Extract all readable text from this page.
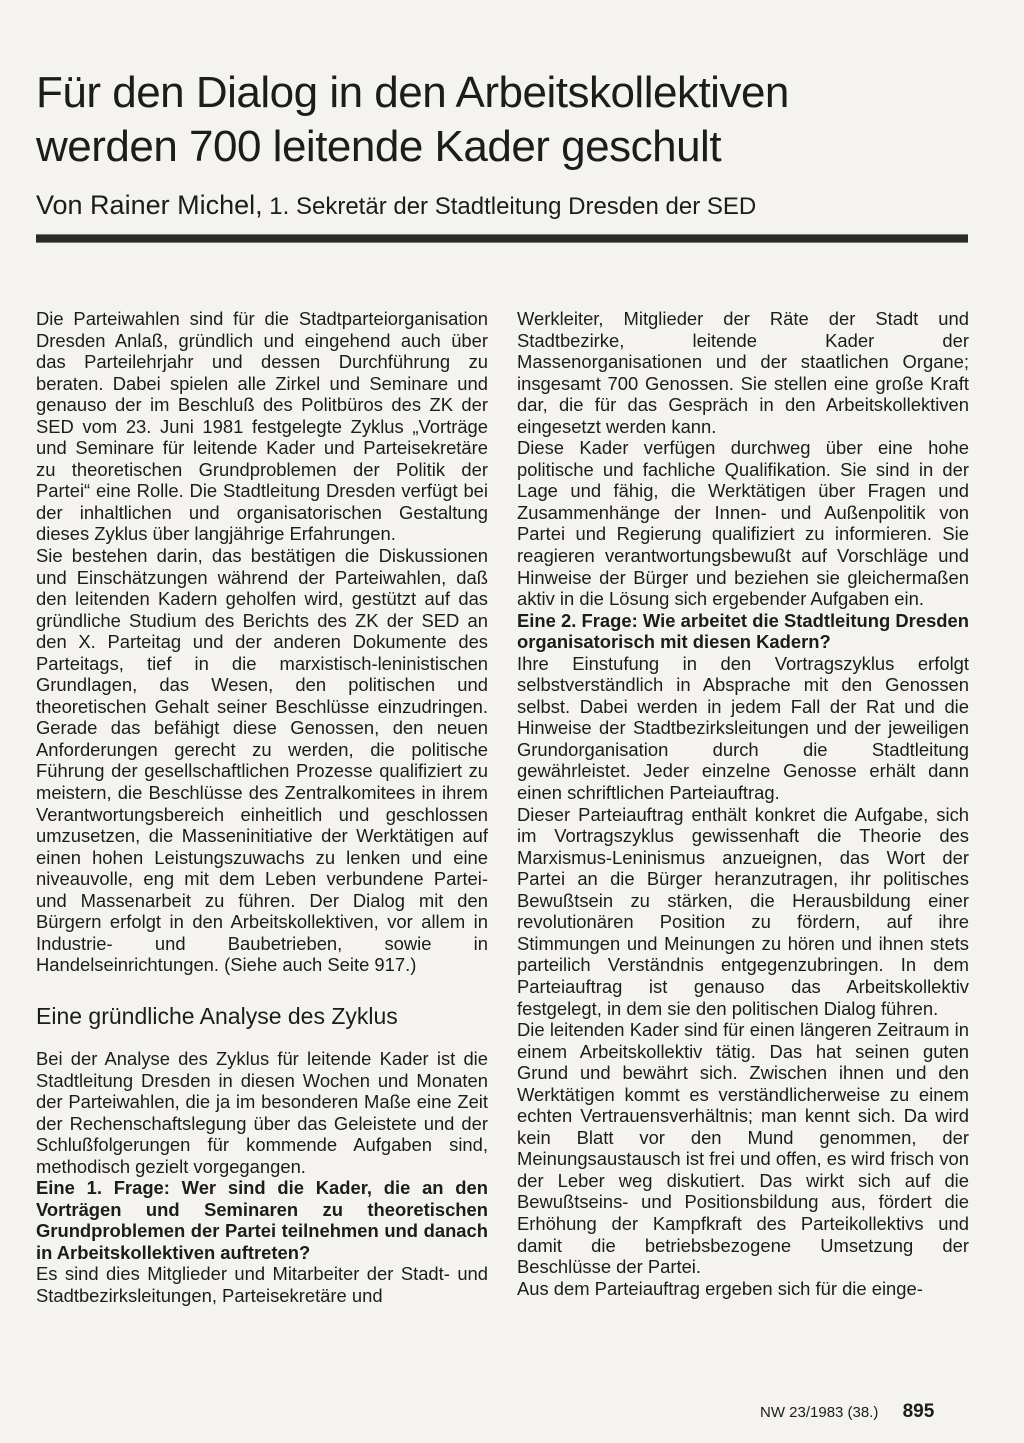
Für den Dialog in den Arbeitskollektiven
werden 700 leitende Kader geschult
Von Rainer Michel, 1. Sekretär der Stadtleitung Dresden der SED

Die Parteiwahlen sind für die Stadtparteiorganisation Dresden Anlaß, gründlich und eingehend auch über das Parteilehrjahr und dessen Durchführung zu beraten. Dabei spielen alle Zirkel und Seminare und genauso der im Beschluß des Politbüros des ZK der SED vom 23. Juni 1981 festgelegte Zyklus „Vorträge und Seminare für leitende Kader und Parteisekretäre zu theoretischen Grundproblemen der Politik der Partei“ eine Rolle. Die Stadtleitung Dresden verfügt bei der inhaltlichen und organisatorischen Gestaltung dieses Zyklus über langjährige Erfahrungen.

Sie bestehen darin, das bestätigen die Diskussionen und Einschätzungen während der Parteiwahlen, daß den leitenden Kadern geholfen wird, gestützt auf das gründliche Studium des Berichts des ZK der SED an den X. Parteitag und der anderen Dokumente des Parteitags, tief in die marxistisch-leninistischen Grundlagen, das Wesen, den politischen und theoretischen Gehalt seiner Beschlüsse einzudringen. Gerade das befähigt diese Genossen, den neuen Anforderungen gerecht zu werden, die politische Führung der gesellschaftlichen Prozesse qualifiziert zu meistern, die Beschlüsse des Zentralkomitees in ihrem Verantwortungsbereich einheitlich und geschlossen umzusetzen, die Masseninitiative der Werktätigen auf einen hohen Leistungszuwachs zu lenken und eine niveauvolle, eng mit dem Leben verbundene Partei- und Massenarbeit zu führen. Der Dialog mit den Bürgern erfolgt in den Arbeitskollektiven, vor allem in Industrie- und Baubetrieben, sowie in Handelseinrichtungen. (Siehe auch Seite 917.)

Eine gründliche Analyse des Zyklus

Bei der Analyse des Zyklus für leitende Kader ist die Stadtleitung Dresden in diesen Wochen und Monaten der Parteiwahlen, die ja im besonderen Maße eine Zeit der Rechenschaftslegung über das Geleistete und der Schlußfolgerungen für kommende Aufgaben sind, methodisch gezielt vorgegangen.

Eine 1. Frage: Wer sind die Kader, die an den Vorträgen und Seminaren zu theoretischen Grundproblemen der Partei teilnehmen und danach in Arbeitskollektiven auftreten?

Es sind dies Mitglieder und Mitarbeiter der Stadt- und Stadtbezirksleitungen, Parteisekretäre und

Werkleiter, Mitglieder der Räte der Stadt und Stadtbezirke, leitende Kader der Massenorganisationen und der staatlichen Organe; insgesamt 700 Genossen. Sie stellen eine große Kraft dar, die für das Gespräch in den Arbeitskollektiven eingesetzt werden kann.

Diese Kader verfügen durchweg über eine hohe politische und fachliche Qualifikation. Sie sind in der Lage und fähig, die Werktätigen über Fragen und Zusammenhänge der Innen- und Außenpolitik von Partei und Regierung qualifiziert zu informieren. Sie reagieren verantwortungsbewußt auf Vorschläge und Hinweise der Bürger und beziehen sie gleichermaßen aktiv in die Lösung sich ergebender Aufgaben ein.

Eine 2. Frage: Wie arbeitet die Stadtleitung Dresden organisatorisch mit diesen Kadern?

Ihre Einstufung in den Vortragszyklus erfolgt selbstverständlich in Absprache mit den Genossen selbst. Dabei werden in jedem Fall der Rat und die Hinweise der Stadtbezirksleitungen und der jeweiligen Grundorganisation durch die Stadtleitung gewährleistet. Jeder einzelne Genosse erhält dann einen schriftlichen Parteiauftrag.

Dieser Parteiauftrag enthält konkret die Aufgabe, sich im Vortragszyklus gewissenhaft die Theorie des Marxismus-Leninismus anzueignen, das Wort der Partei an die Bürger heranzutragen, ihr politisches Bewußtsein zu stärken, die Herausbildung einer revolutionären Position zu fördern, auf ihre Stimmungen und Meinungen zu hören und ihnen stets parteilich Verständnis entgegenzubringen. In dem Parteiauftrag ist genauso das Arbeitskollektiv festgelegt, in dem sie den politischen Dialog führen.

Die leitenden Kader sind für einen längeren Zeitraum in einem Arbeitskollektiv tätig. Das hat seinen guten Grund und bewährt sich. Zwischen ihnen und den Werktätigen kommt es verständlicherweise zu einem echten Vertrauensverhältnis; man kennt sich. Da wird kein Blatt vor den Mund genommen, der Meinungsaustausch ist frei und offen, es wird frisch von der Leber weg diskutiert. Das wirkt sich auf die Bewußtseins- und Positionsbildung aus, fördert die Erhöhung der Kampfkraft des Parteikollektivs und damit die betriebsbezogene Umsetzung der Beschlüsse der Partei.

Aus dem Parteiauftrag ergeben sich für die einge-

NW 23/1983 (38.) 895
